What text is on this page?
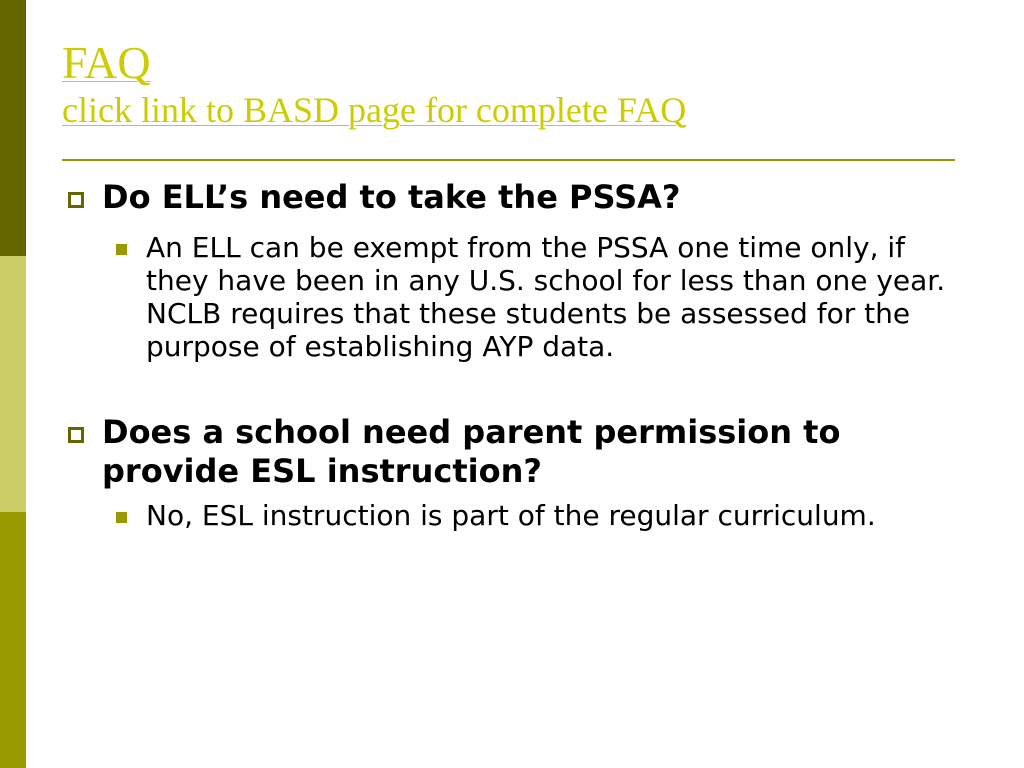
FAQ
click link to BASD page for complete FAQ
Do ELL’s need to take the PSSA?
An ELL can be exempt from the PSSA one time only, if they have been in any U.S. school for less than one year. NCLB requires that these students be assessed for the purpose of establishing AYP data.
Does a school need parent permission to provide ESL instruction?
No, ESL instruction is part of the regular curriculum.
